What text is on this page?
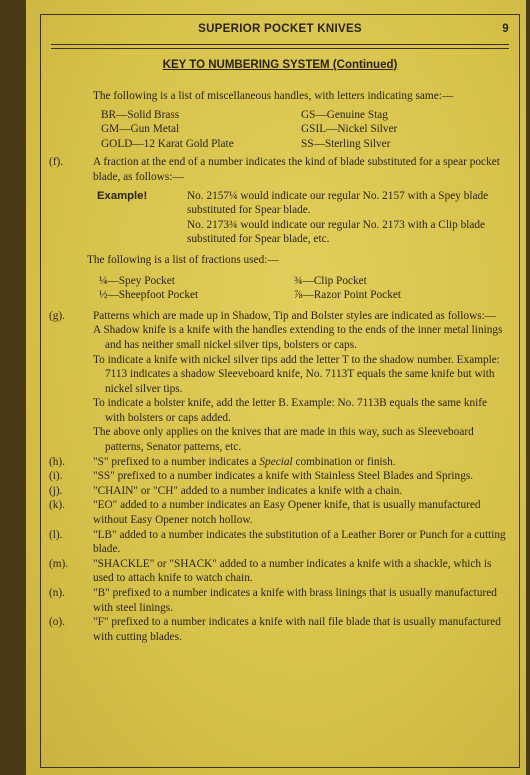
SUPERIOR POCKET KNIVES	9
KEY TO NUMBERING SYSTEM (Continued)

The following is a list of miscellaneous handles, with letters indicating same:—

BR—Solid Brass	GS—Genuine Stag
GM—Gun Metal	GSIL—Nickel Silver
GOLD—12 Karat Gold Plate	SS—Sterling Silver

(f).	A fraction at the end of a number indicates the kind of blade substituted for a spear pocket blade, as follows:—

Example!	No. 2157¼ would indicate our regular No. 2157 with a Spey blade substituted for Spear blade.

No. 2173¾ would indicate our regular No. 2173 with a Clip blade substituted for Spear blade, etc.

The following is a list of fractions used:—

¼—Spey Pocket	¾—Clip Pocket
½—Sheepfoot Pocket	⅞—Razor Point Pocket

(g). Patterns which are made up in Shadow, Tip and Bolster styles are indicated as follows:—

A Shadow knife is a knife with the handles extending to the ends of the inner metal linings and has neither small nickel silver tips, bolsters or caps.

To indicate a knife with nickel silver tips add the letter T to the shadow number. Example: 7113 indicates a shadow Sleeveboard knife, No. 7113T equals the same knife but with nickel silver tips.

To indicate a bolster knife, add the letter B. Example: No. 7113B equals the same knife with bolsters or caps added.

The above only applies on the knives that are made in this way, such as Sleeveboard patterns, Senator patterns, etc.

(h). "S" prefixed to a number indicates a Special combination or finish.

(i).	"SS" prefixed to a number indicates a knife with Stainless Steel Blades and Springs.

(j).	"CHAIN" or "CH" added to a number indicates a knife with a chain.

(k). "EO" added to a number indicates an Easy Opener knife, that is usually manufactured without Easy Opener notch hollow.

(l).	"LB" added to a number indicates the substitution of a Leather Borer or Punch for a cutting blade.

(m). "SHACKLE" or "SHACK" added to a number indicates a knife with a shackle, which is used to attach knife to watch chain.

(n). "B" prefixed to a number indicates a knife with brass linings that is usually manufactured with steel linings.

(o). "F" prefixed to a number indicates a knife with nail file blade that is usually manufactured with cutting blades.
